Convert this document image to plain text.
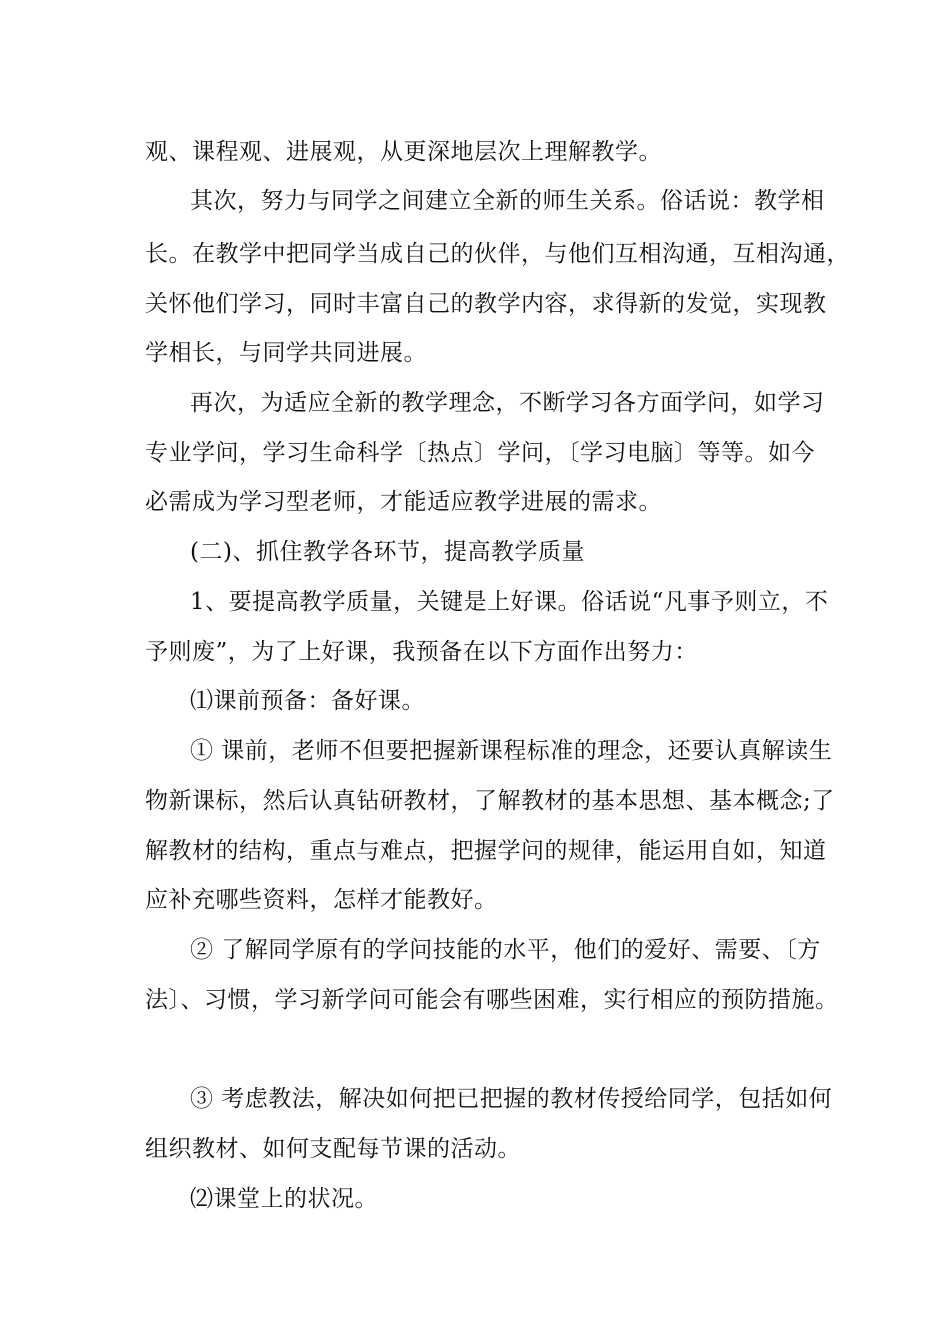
观、课程观、进展观，从更深地层次上理解教学。
其次，努力与同学之间建立全新的师生关系。俗话说：教学相
长。在教学中把同学当成自己的伙伴，与他们互相沟通，互相沟通，
关怀他们学习，同时丰富自己的教学内容，求得新的发觉，实现教
学相长，与同学共同进展。
再次，为适应全新的教学理念，不断学习各方面学问，如学习
专业学问，学习生命科学〔热点〕学问，〔学习电脑〕等等。如今
必需成为学习型老师，才能适应教学进展的需求。
(二)、抓住教学各环节，提高教学质量
1、要提高教学质量，关键是上好课。俗话说“凡事予则立，不
予则废”，为了上好课，我预备在以下方面作出努力：
⑴课前预备：备好课。
① 课前，老师不但要把握新课程标准的理念，还要认真解读生
物新课标，然后认真钻研教材，了解教材的基本思想、基本概念;了
解教材的结构，重点与难点，把握学问的规律，能运用自如，知道
应补充哪些资料，怎样才能教好。
② 了解同学原有的学问技能的水平，他们的爱好、需要、〔方
法〕、习惯，学习新学问可能会有哪些困难，实行相应的预防措施。
③ 考虑教法，解决如何把已把握的教材传授给同学，包括如何
组织教材、如何支配每节课的活动。
⑵课堂上的状况。
